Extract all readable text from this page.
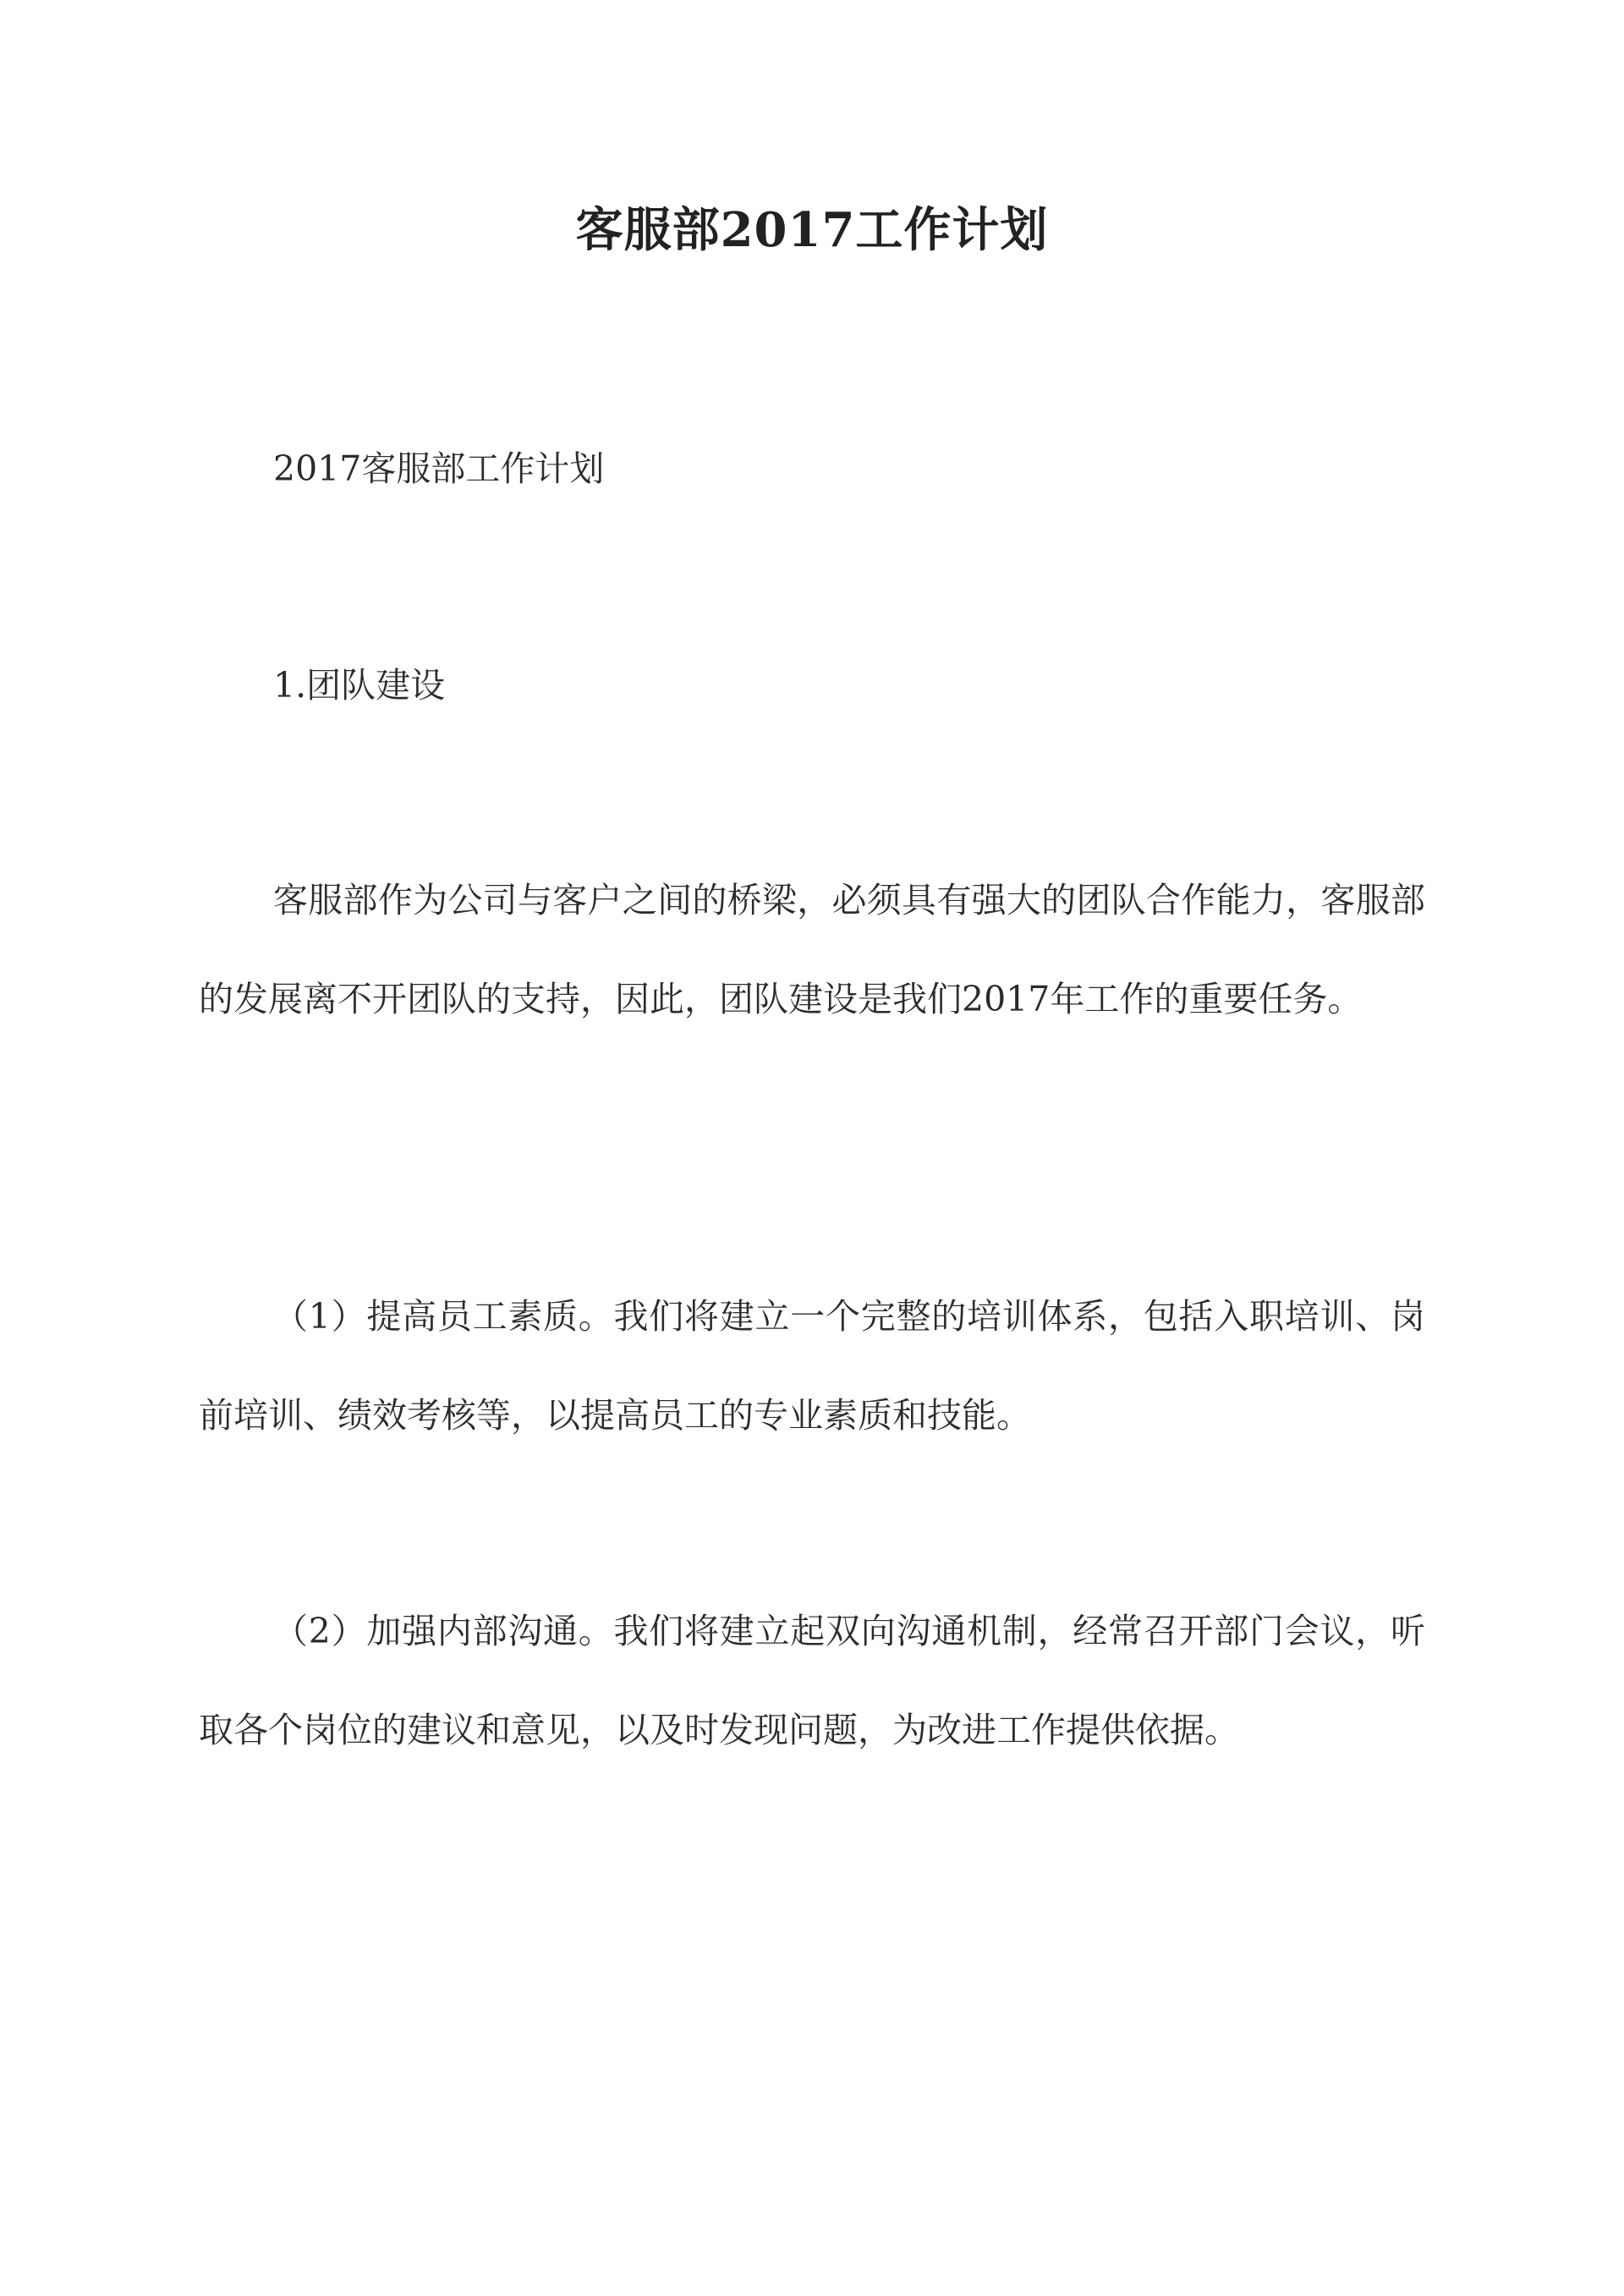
客服部2017工作计划
2017客服部工作计划
1.团队建设

客服部作为公司与客户之间的桥梁，必须具有强大的团队合作能力，客服部的发展离不开团队的支持，因此，团队建设是我们2017年工作的重要任务。

（1）提高员工素质。我们将建立一个完整的培训体系，包括入职培训、岗前培训、绩效考核等，以提高员工的专业素质和技能。

（2）加强内部沟通。我们将建立起双向沟通机制，经常召开部门会议，听取各个岗位的建议和意见，以及时发现问题，为改进工作提供依据。
